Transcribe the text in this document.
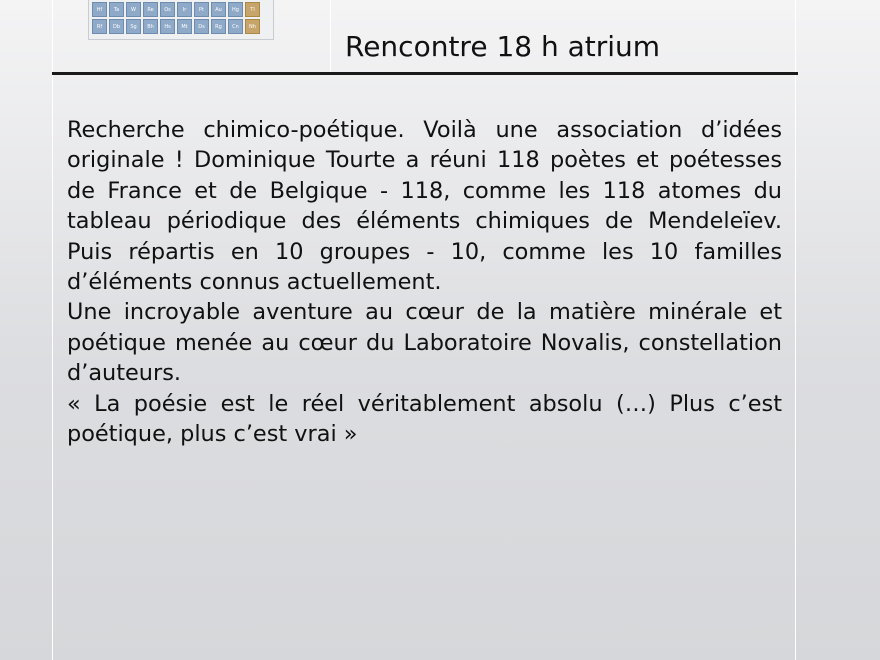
Hf	Ta	W	Re	Os	Ir	Pt	Au	Hg	Tl
Rf	Db	Sg	Bh	Hs	Mt	Ds	Rg	Cn	Nh
Rencontre 18 h atrium

Recherche chimico-poétique. Voilà une association d’idées originale ! Dominique Tourte a réuni 118 poètes et poétesses de France et de Belgique - 118, comme les 118 atomes du tableau périodique des éléments chimiques de Mendeleïev. Puis répartis en 10 groupes - 10, comme les 10 familles d’éléments connus actuellement.

Une incroyable aventure au cœur de la matière minérale et poétique menée au cœur du Laboratoire Novalis, constellation d’auteurs.

« La poésie est le réel véritablement absolu (…) Plus c’est poétique, plus c’est vrai »
